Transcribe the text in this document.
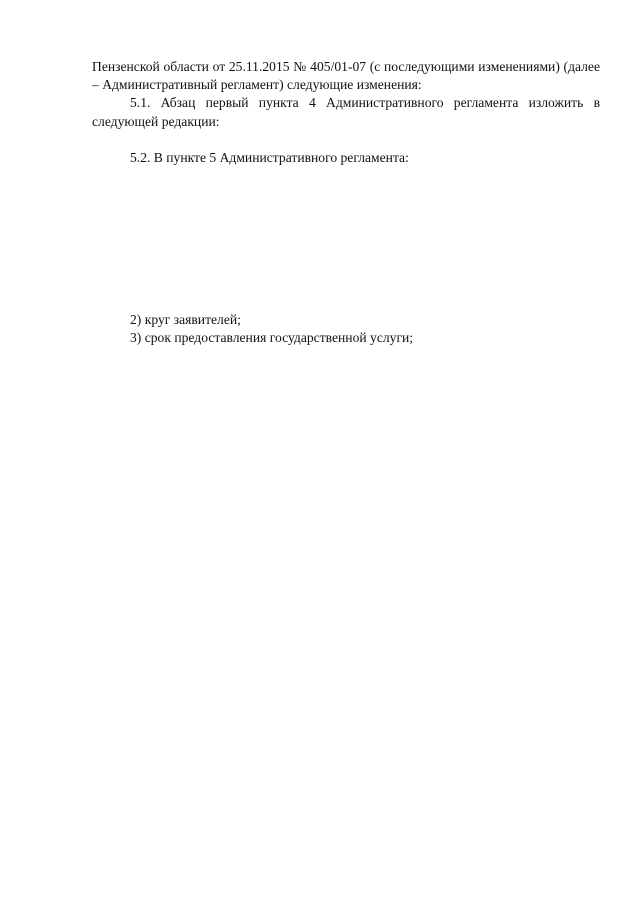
Пензенской области от 25.11.2015 № 405/01-07 (с последующими изменениями) (далее – Административный регламент) следующие изменения:

5.1. Абзац первый пункта 4 Административного регламента изложить в следующей редакции:

5.2. В пункте 5 Административного регламента:

2) круг заявителей;

3) срок предоставления государственной услуги;
